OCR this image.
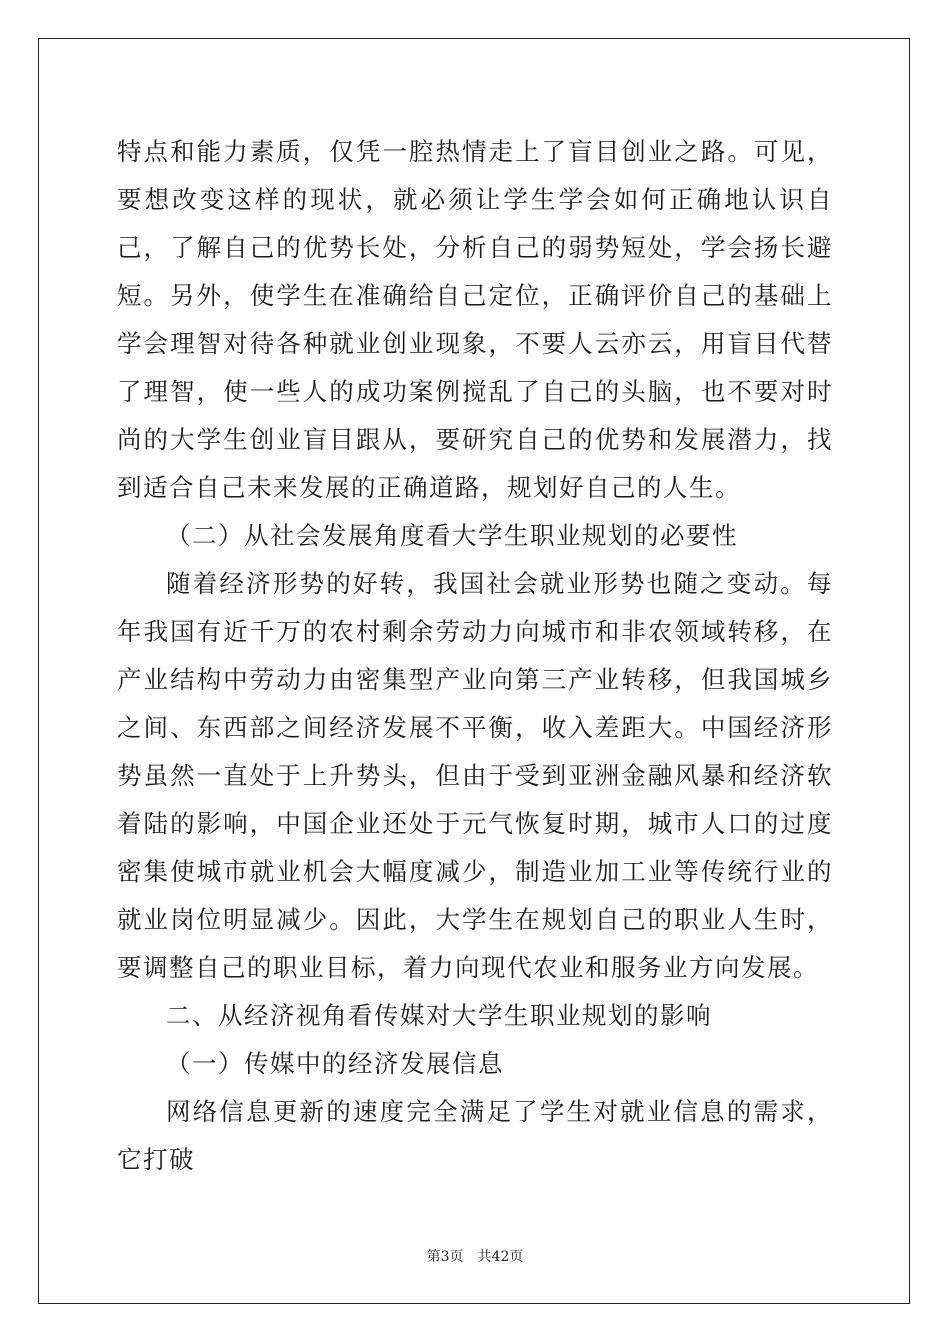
特点和能力素质，仅凭一腔热情走上了盲目创业之路。可见，要想改变这样的现状，就必须让学生学会如何正确地认识自己，了解自己的优势长处，分析自己的弱势短处，学会扬长避短。另外，使学生在准确给自己定位，正确评价自己的基础上学会理智对待各种就业创业现象，不要人云亦云，用盲目代替了理智，使一些人的成功案例搅乱了自己的头脑，也不要对时尚的大学生创业盲目跟从，要研究自己的优势和发展潜力，找到适合自己未来发展的正确道路，规划好自己的人生。

（二）从社会发展角度看大学生职业规划的必要性

随着经济形势的好转，我国社会就业形势也随之变动。每年我国有近千万的农村剩余劳动力向城市和非农领域转移，在产业结构中劳动力由密集型产业向第三产业转移，但我国城乡之间、东西部之间经济发展不平衡，收入差距大。中国经济形势虽然一直处于上升势头，但由于受到亚洲金融风暴和经济软着陆的影响，中国企业还处于元气恢复时期，城市人口的过度密集使城市就业机会大幅度减少，制造业加工业等传统行业的就业岗位明显减少。因此，大学生在规划自己的职业人生时，要调整自己的职业目标，着力向现代农业和服务业方向发展。

二、从经济视角看传媒对大学生职业规划的影响

（一）传媒中的经济发展信息

网络信息更新的速度完全满足了学生对就业信息的需求，它打破

第3页 共42页
